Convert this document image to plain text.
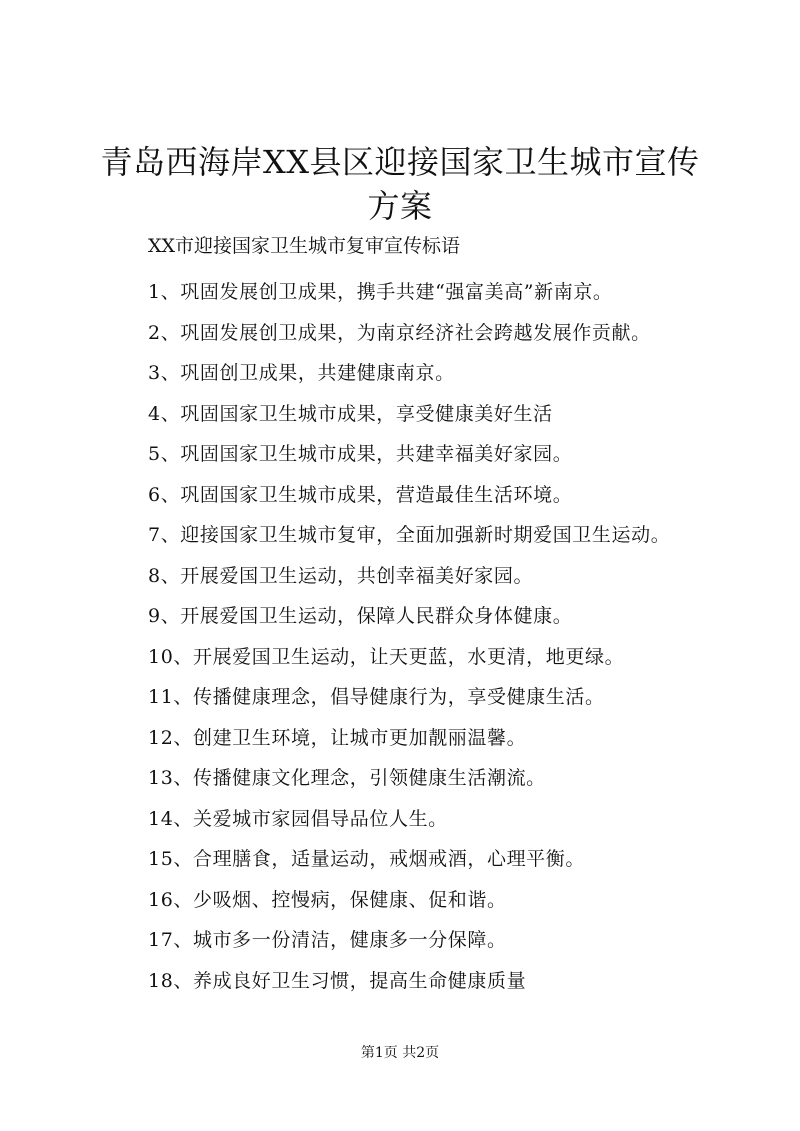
青岛西海岸XX县区迎接国家卫生城市宣传方案

XX市迎接国家卫生城市复审宣传标语

1、巩固发展创卫成果，携手共建“强富美高”新南京。
2、巩固发展创卫成果，为南京经济社会跨越发展作贡献。
3、巩固创卫成果，共建健康南京。
4、巩固国家卫生城市成果，享受健康美好生活
5、巩固国家卫生城市成果，共建幸福美好家园。
6、巩固国家卫生城市成果，营造最佳生活环境。
7、迎接国家卫生城市复审，全面加强新时期爱国卫生运动。
8、开展爱国卫生运动，共创幸福美好家园。
9、开展爱国卫生运动，保障人民群众身体健康。
10、开展爱国卫生运动，让天更蓝，水更清，地更绿。
11、传播健康理念，倡导健康行为，享受健康生活。
12、创建卫生环境，让城市更加靓丽温馨。
13、传播健康文化理念，引领健康生活潮流。
14、关爱城市家园倡导品位人生。
15、合理膳食，适量运动，戒烟戒酒，心理平衡。
16、少吸烟、控慢病，保健康、促和谐。
17、城市多一份清洁，健康多一分保障。
18、养成良好卫生习惯，提高生命健康质量
第1页 共2页
